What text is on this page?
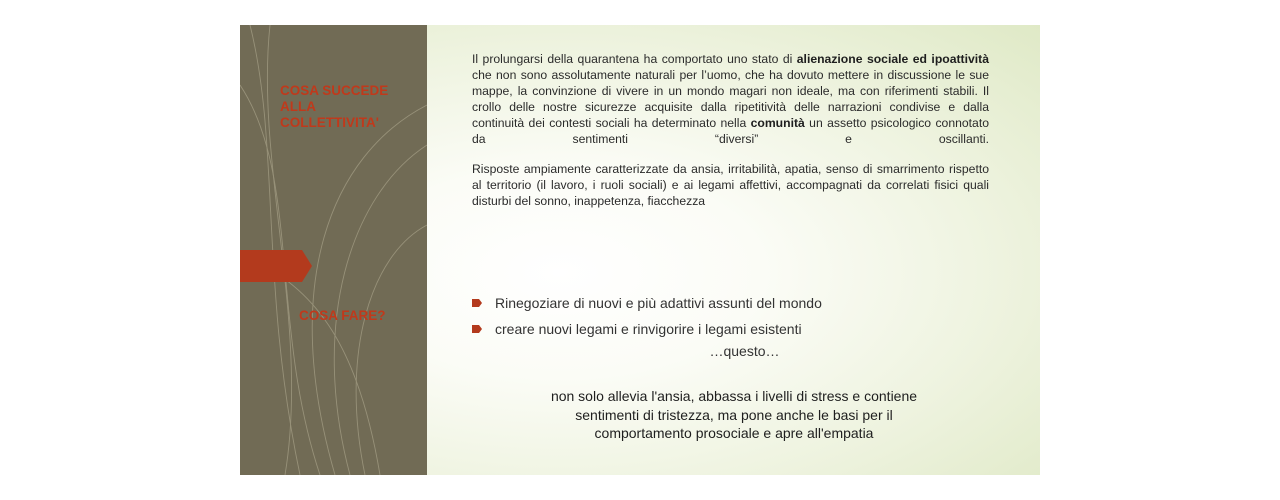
COSA SUCCEDE
ALLA
COLLETTIVITA'
COSA FARE?

Il prolungarsi della quarantena ha comportato uno stato di alienazione sociale ed ipoattività che non sono assolutamente naturali per l’uomo, che ha dovuto mettere in discussione le sue mappe, la convinzione di vivere in un mondo magari non ideale, ma con riferimenti stabili. Il crollo delle nostre sicurezze acquisite dalla ripetitività delle narrazioni condivise e dalla continuità dei contesti sociali ha determinato nella comunità un assetto psicologico connotato da sentimenti “diversi” e oscillanti.

Risposte ampiamente caratterizzate da ansia, irritabilità, apatia, senso di smarrimento rispetto al territorio (il lavoro, i ruoli sociali) e ai legami affettivi, accompagnati da correlati fisici quali disturbi del sonno, inappetenza, fiacchezza

Rinegoziare di nuovi e più adattivi assunti del mondo
creare nuovi legami e rinvigorire i legami esistenti
…questo…
non solo allevia l'ansia, abbassa i livelli di stress e contiene
sentimenti di tristezza, ma pone anche le basi per il
comportamento prosociale e apre all'empatia
